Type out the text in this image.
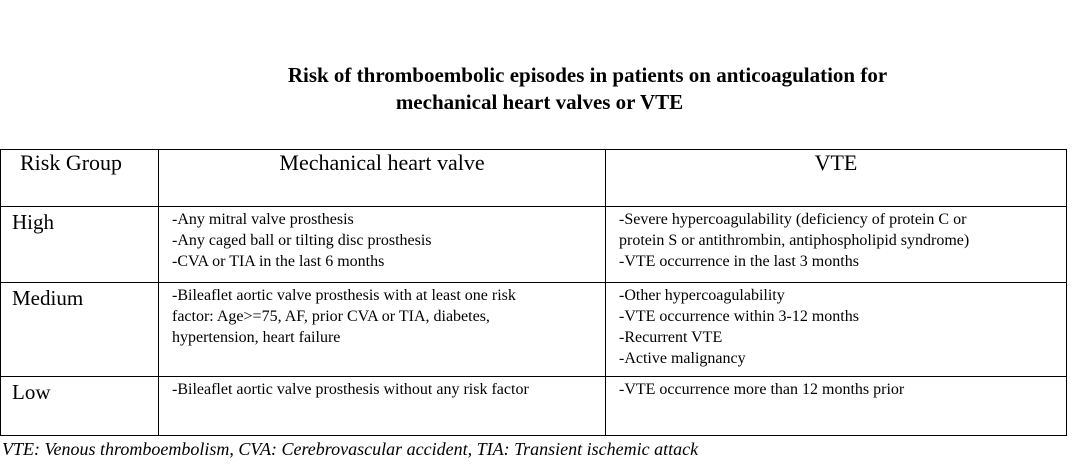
Risk of thromboembolic episodes in patients on anticoagulation for
mechanical heart valves or VTE
Risk Group	Mechanical heart valve	VTE
High	-Any mitral valve prosthesis
-Any caged ball or tilting disc prosthesis
-CVA or TIA in the last 6 months	-Severe hypercoagulability (deficiency of protein C or
protein S or antithrombin, antiphospholipid syndrome)
-VTE occurrence in the last 3 months

Medium	-Bileaflet aortic valve prosthesis with at least one risk
factor: Age>=75, AF, prior CVA or TIA, diabetes,
hypertension, heart failure	-Other hypercoagulability
-VTE occurrence within 3-12 months
-Recurrent VTE
-Active malignancy

Low	-Bileaflet aortic valve prosthesis without any risk factor	-VTE occurrence more than 12 months prior

VTE: Venous thromboembolism, CVA: Cerebrovascular accident, TIA: Transient ischemic attack
